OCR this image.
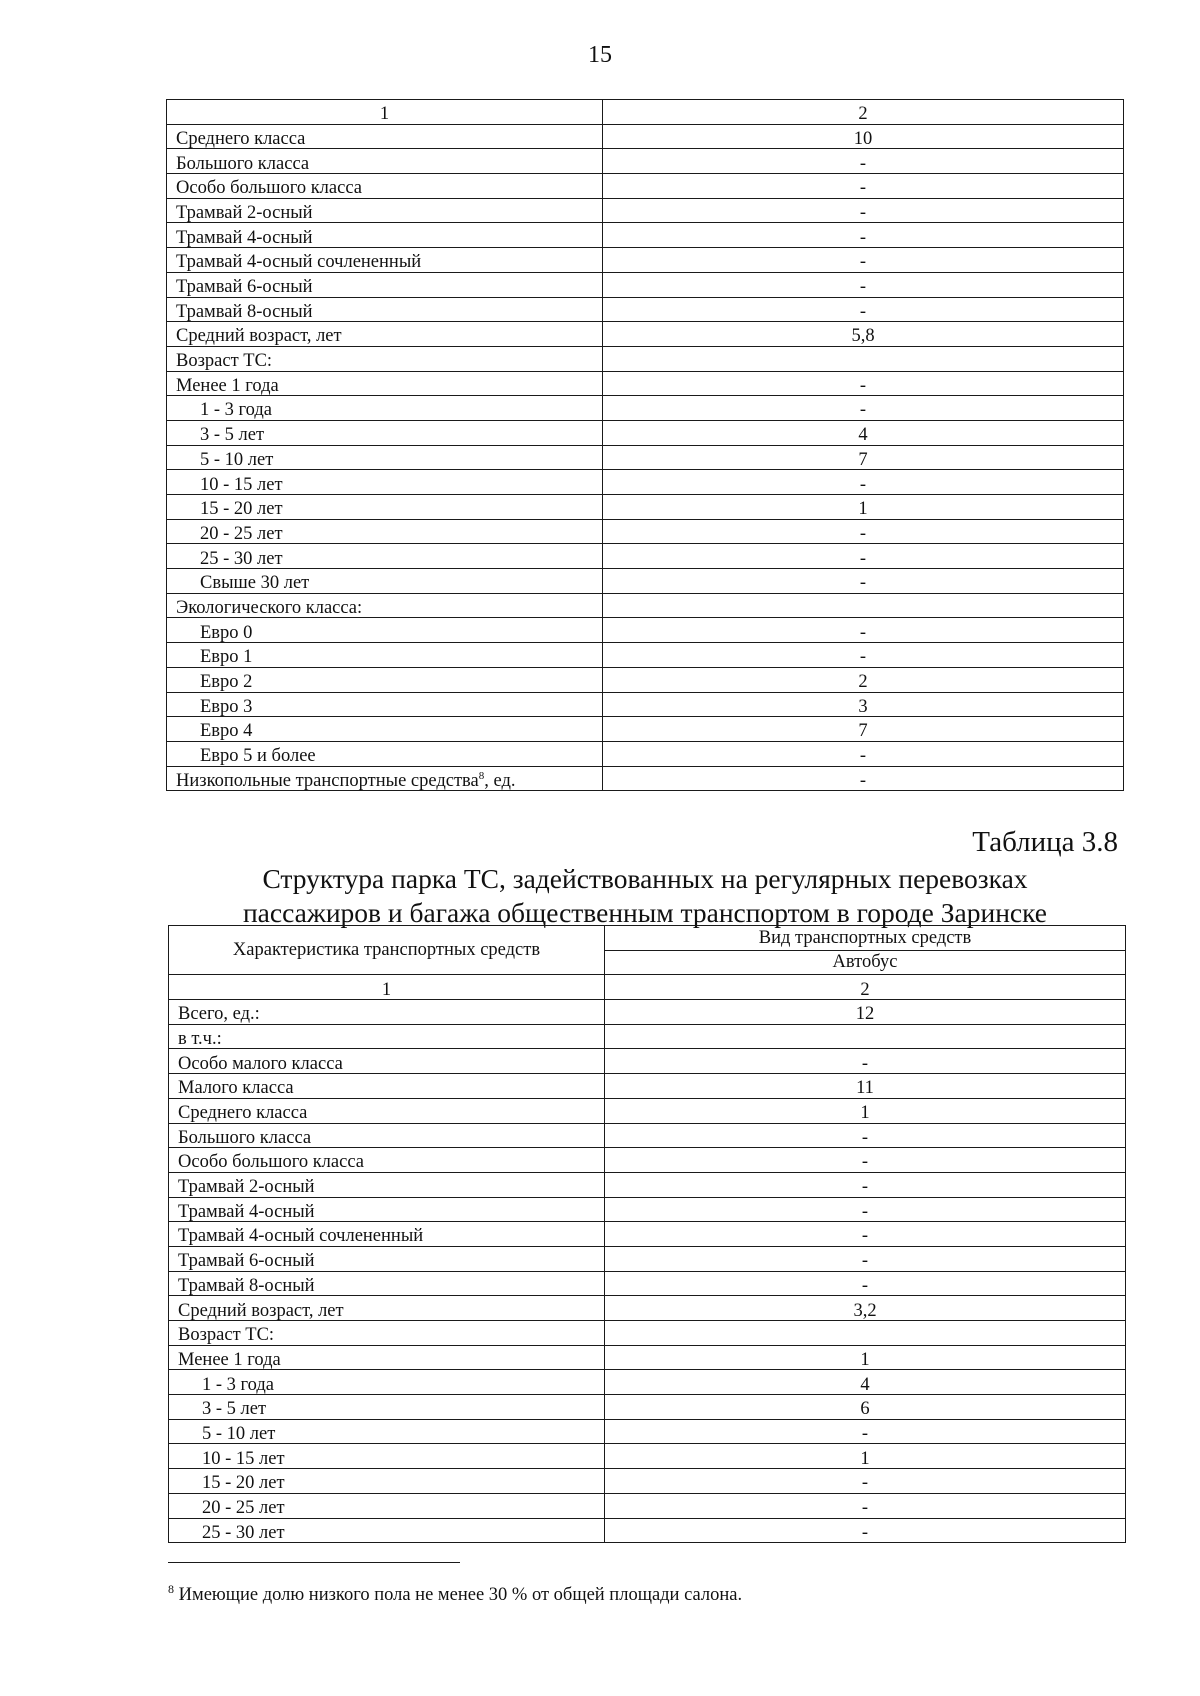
15
1	2
Среднего класса	10
Большого класса	-
Особо большого класса	-
Трамвай 2-осный	-
Трамвай 4-осный	-
Трамвай 4-осный сочлененный	-
Трамвай 6-осный	-
Трамвай 8-осный	-
Средний возраст, лет	5,8
Возраст ТС:	
Менее 1 года	-
1 - 3 года	-
3 - 5 лет	4
5 - 10 лет	7
10 - 15 лет	-
15 - 20 лет	1
20 - 25 лет	-
25 - 30 лет	-
Свыше 30 лет	-
Экологического класса:	
Евро 0	-
Евро 1	-
Евро 2	2
Евро 3	3
Евро 4	7
Евро 5 и более	-
Низкопольные транспортные средства$^8$, ед.	-
Таблица 3.8
Структура парка ТС, задействованных на регулярных перевозках
пассажиров и багажа общественным транспортом в городе Заринске
Характеристика транспортных средств	Вид транспортных средств
	Автобус
1	2
Всего, ед.:	12
в т.ч.:	
Особо малого класса	-
Малого класса	11
Среднего класса	1
Большого класса	-
Особо большого класса	-
Трамвай 2-осный	-
Трамвай 4-осный	-
Трамвай 4-осный сочлененный	-
Трамвай 6-осный	-
Трамвай 8-осный	-
Средний возраст, лет	3,2
Возраст ТС:	
Менее 1 года	1
1 - 3 года	4
3 - 5 лет	6
5 - 10 лет	-
10 - 15 лет	1
15 - 20 лет	-
20 - 25 лет	-
25 - 30 лет	-
$^8$ Имеющие долю низкого пола не менее 30 % от общей площади салона.
